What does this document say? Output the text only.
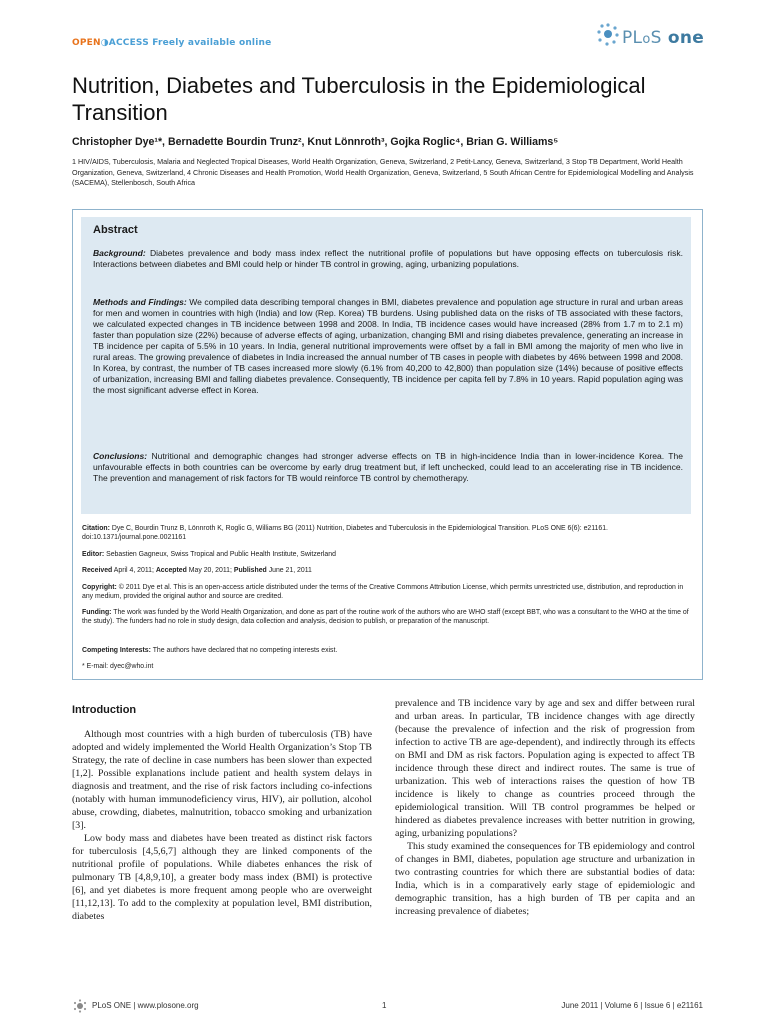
OPEN◑ACCESS Freely available online	PLoS one
Nutrition, Diabetes and Tuberculosis in the Epidemiological Transition
Christopher Dye¹*, Bernadette Bourdin Trunz², Knut Lönnroth³, Gojka Roglic⁴, Brian G. Williams⁵
1 HIV/AIDS, Tuberculosis, Malaria and Neglected Tropical Diseases, World Health Organization, Geneva, Switzerland, 2 Petit-Lancy, Geneva, Switzerland, 3 Stop TB Department, World Health Organization, Geneva, Switzerland, 4 Chronic Diseases and Health Promotion, World Health Organization, Geneva, Switzerland, 5 South African Centre for Epidemiological Modelling and Analysis (SACEMA), Stellenbosch, South Africa
Abstract
Background: Diabetes prevalence and body mass index reflect the nutritional profile of populations but have opposing effects on tuberculosis risk. Interactions between diabetes and BMI could help or hinder TB control in growing, aging, urbanizing populations.
Methods and Findings: We compiled data describing temporal changes in BMI, diabetes prevalence and population age structure in rural and urban areas for men and women in countries with high (India) and low (Rep. Korea) TB burdens. Using published data on the risks of TB associated with these factors, we calculated expected changes in TB incidence between 1998 and 2008. In India, TB incidence cases would have increased (28% from 1.7 m to 2.1 m) faster than population size (22%) because of adverse effects of aging, urbanization, changing BMI and rising diabetes prevalence, generating an increase in TB incidence per capita of 5.5% in 10 years. In India, general nutritional improvements were offset by a fall in BMI among the majority of men who live in rural areas. The growing prevalence of diabetes in India increased the annual number of TB cases in people with diabetes by 46% between 1998 and 2008. In Korea, by contrast, the number of TB cases increased more slowly (6.1% from 40,200 to 42,800) than population size (14%) because of positive effects of urbanization, increasing BMI and falling diabetes prevalence. Consequently, TB incidence per capita fell by 7.8% in 10 years. Rapid population aging was the most significant adverse effect in Korea.
Conclusions: Nutritional and demographic changes had stronger adverse effects on TB in high-incidence India than in lower-incidence Korea. The unfavourable effects in both countries can be overcome by early drug treatment but, if left unchecked, could lead to an accelerating rise in TB incidence. The prevention and management of risk factors for TB would reinforce TB control by chemotherapy.
Citation: Dye C, Bourdin Trunz B, Lönnroth K, Roglic G, Williams BG (2011) Nutrition, Diabetes and Tuberculosis in the Epidemiological Transition. PLoS ONE 6(6): e21161. doi:10.1371/journal.pone.0021161
Editor: Sebastien Gagneux, Swiss Tropical and Public Health Institute, Switzerland
Received April 4, 2011; Accepted May 20, 2011; Published June 21, 2011
Copyright: © 2011 Dye et al. This is an open-access article distributed under the terms of the Creative Commons Attribution License, which permits unrestricted use, distribution, and reproduction in any medium, provided the original author and source are credited.
Funding: The work was funded by the World Health Organization, and done as part of the routine work of the authors who are WHO staff (except BBT, who was a consultant to the WHO at the time of the study). The funders had no role in study design, data collection and analysis, decision to publish, or preparation of the manuscript.
Competing Interests: The authors have declared that no competing interests exist.
* E-mail: dyec@who.int
Introduction

Although most countries with a high burden of tuberculosis (TB) have adopted and widely implemented the World Health Organization’s Stop TB Strategy, the rate of decline in case numbers has been slower than expected [1,2]. Possible explanations include patient and health system delays in diagnosis and treatment, and the rise of risk factors including co-infections (notably with human immunodeficiency virus, HIV), air pollution, alcohol abuse, crowding, diabetes, malnutrition, tobacco smoking and urbanization [3].

Low body mass and diabetes have been treated as distinct risk factors for tuberculosis [4,5,6,7] although they are linked components of the nutritional profile of populations. While diabetes enhances the risk of pulmonary TB [4,8,9,10], a greater body mass index (BMI) is protective [6], and yet diabetes is more frequent among people who are overweight [11,12,13]. To add to the complexity at population level, BMI distribution, diabetes

prevalence and TB incidence vary by age and sex and differ between rural and urban areas. In particular, TB incidence changes with age directly (because the prevalence of infection and the risk of progression from infection to active TB are age-dependent), and indirectly through its effects on BMI and DM as risk factors. Population aging is expected to affect TB incidence through these direct and indirect routes. The same is true of urbanization. This web of interactions raises the question of how TB incidence is likely to change as countries proceed through the epidemiological transition. Will TB control programmes be helped or hindered as diabetes prevalence increases with better nutrition in growing, aging, urbanizing populations?

This study examined the consequences for TB epidemiology and control of changes in BMI, diabetes, population age structure and urbanization in two contrasting countries for which there are substantial bodies of data: India, which is in a comparatively early stage of epidemiologic and demographic transition, has a high burden of TB per capita and an increasing prevalence of diabetes;

PLoS ONE | www.plosone.org	1	June 2011 | Volume 6 | Issue 6 | e21161
